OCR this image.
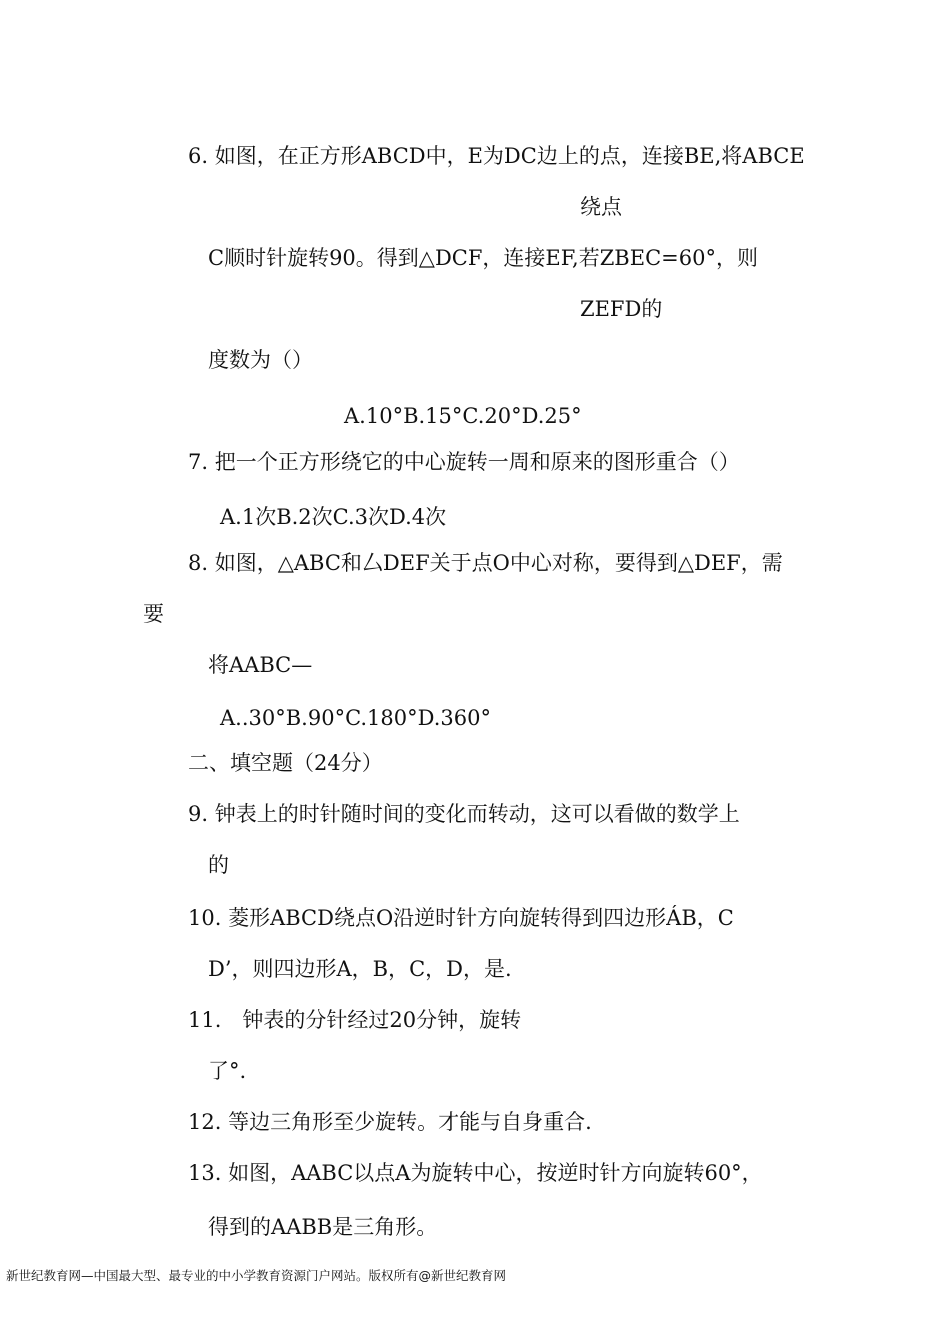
6. 如图，在正方形ABCD中，E为DC边上的点，连接BE,将ABCE
绕点
C顺时针旋转90。得到△DCF，连接EF,若ZBEC=60°，则
ZEFD的
度数为（）
A.10°B.15°C.20°D.25°
7. 把一个正方形绕它的中心旋转一周和原来的图形重合（）
A.1次B.2次C.3次D.4次
8. 如图，△ABC和厶DEF关于点O中心对称，要得到△DEF，需
要
将AABC—
A..30°B.90°C.180°D.360°
二、填空题（24分）
9. 钟表上的时针随时间的变化而转动，这可以看做的数学上
的
10. 菱形ABCD绕点O沿逆时针方向旋转得到四边形ÁB，C
D’，则四边形A，B，C，D，是.
11.　钟表的分针经过20分钟，旋转
了°.
12. 等边三角形至少旋转。才能与自身重合.
13. 如图，AABC以点A为旋转中心，按逆时针方向旋转60°，
得到的AABB是三角形。
新世纪教育网—中国最大型、最专业的中小学教育资源门户网站。版权所有@新世纪教育网
